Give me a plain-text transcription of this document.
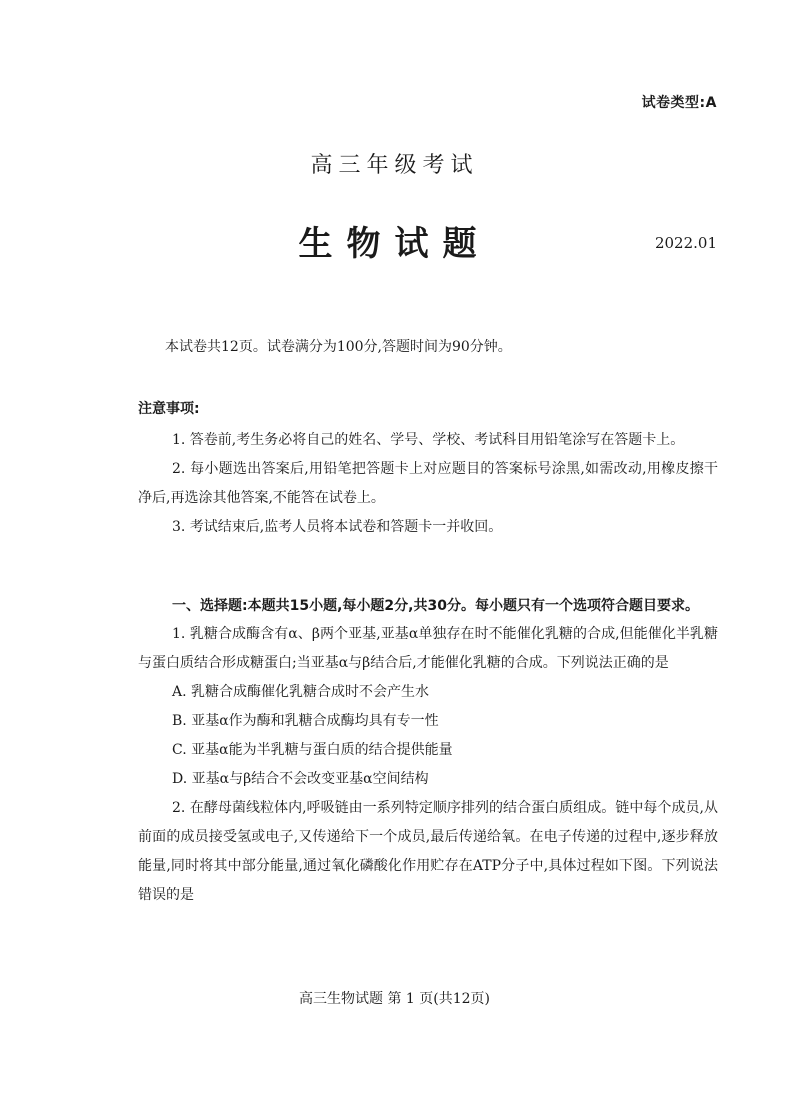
试卷类型:A
高三年级考试
生物试题	2022.01
本试卷共12页。试卷满分为100分,答题时间为90分钟。

注意事项:

1. 答卷前,考生务必将自己的姓名、学号、学校、考试科目用铅笔涂写在答题卡上。

2. 每小题选出答案后,用铅笔把答题卡上对应题目的答案标号涂黑,如需改动,用橡皮擦干净后,再选涂其他答案,不能答在试卷上。

3. 考试结束后,监考人员将本试卷和答题卡一并收回。

一、选择题:本题共15小题,每小题2分,共30分。每小题只有一个选项符合题目要求。

1. 乳糖合成酶含有α、β两个亚基,亚基α单独存在时不能催化乳糖的合成,但能催化半乳糖与蛋白质结合形成糖蛋白;当亚基α与β结合后,才能催化乳糖的合成。下列说法正确的是

A. 乳糖合成酶催化乳糖合成时不会产生水

B. 亚基α作为酶和乳糖合成酶均具有专一性

C. 亚基α能为半乳糖与蛋白质的结合提供能量

D. 亚基α与β结合不会改变亚基α空间结构

2. 在酵母菌线粒体内,呼吸链由一系列特定顺序排列的结合蛋白质组成。链中每个成员,从前面的成员接受氢或电子,又传递给下一个成员,最后传递给氧。在电子传递的过程中,逐步释放能量,同时将其中部分能量,通过氧化磷酸化作用贮存在ATP分子中,具体过程如下图。下列说法错误的是

高三生物试题 第 1 页(共12页)
